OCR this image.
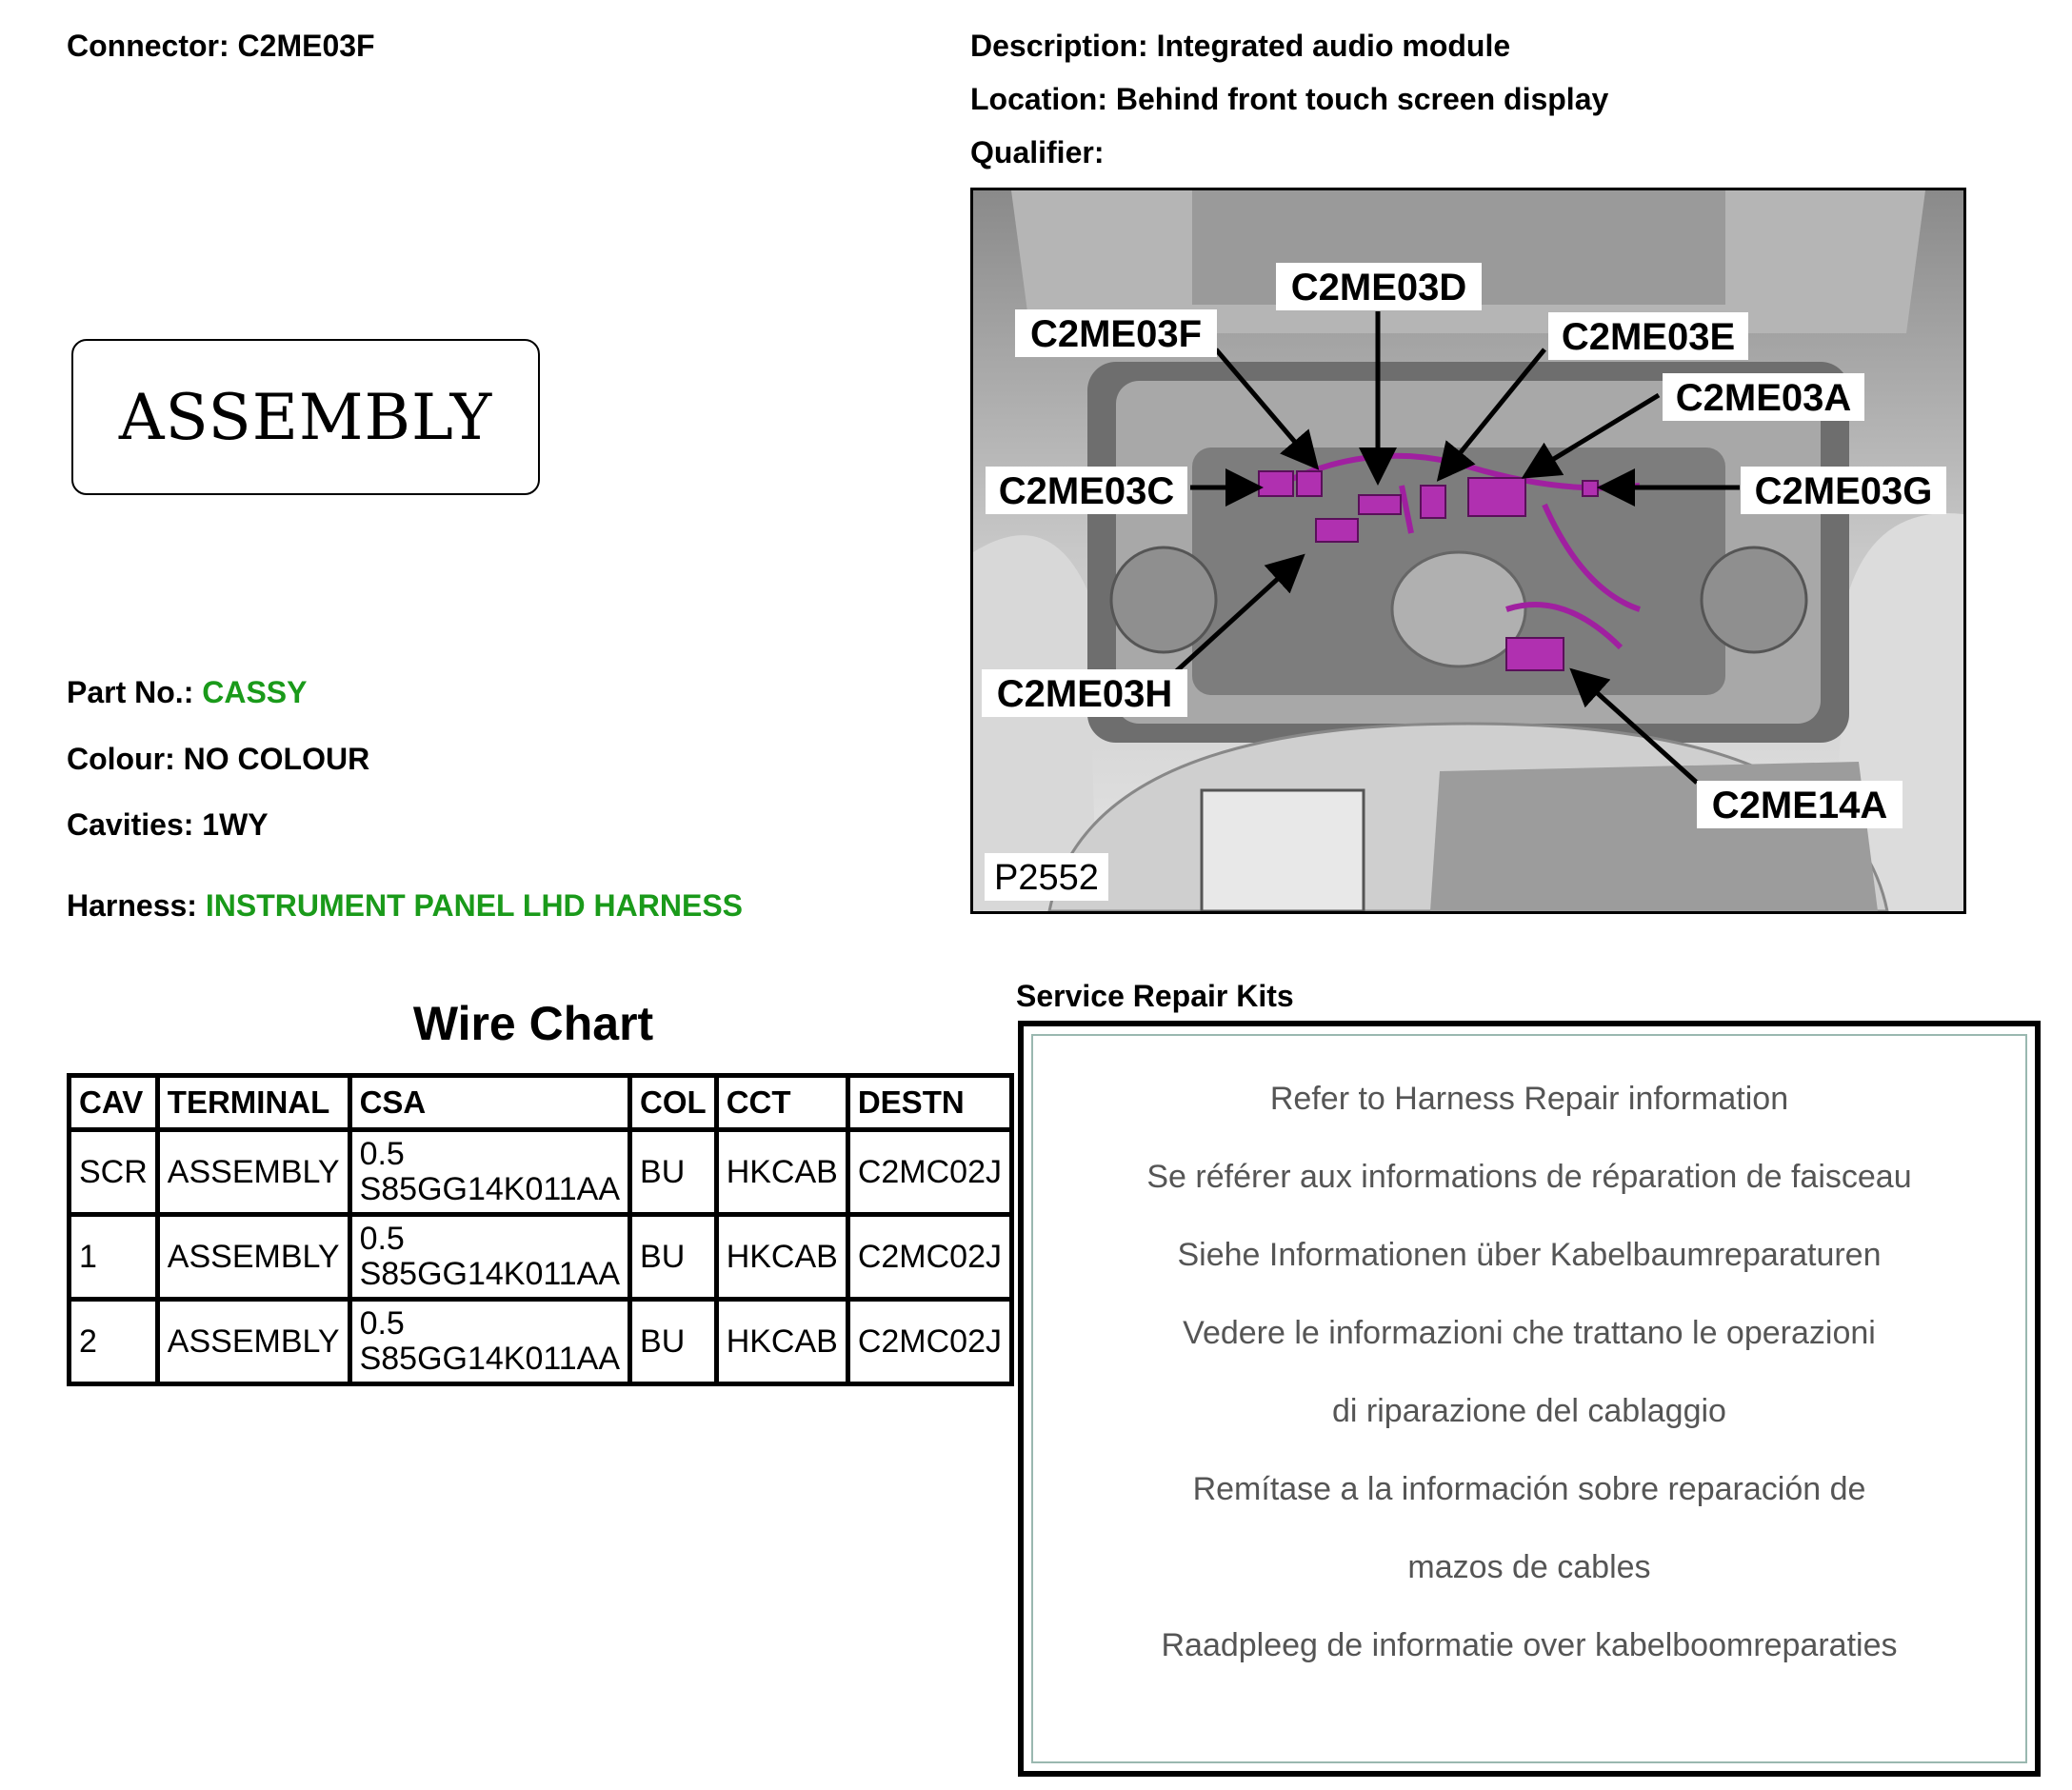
Connector: C2ME03F	Description: Integrated audio module
Location: Behind front touch screen display
Qualifier:
ASSEMBLY
Part No.: CASSY
Colour: NO COLOUR
Cavities: 1WY
Harness: INSTRUMENT PANEL LHD HARNESS
C2ME03D
C2ME03F	C2ME03E
C2ME03A
C2ME03C	C2ME03G
C2ME03H
C2ME14A
P2552
Wire Chart
CAV	TERMINAL	CSA	COL	CCT	DESTN
SCR	ASSEMBLY	0.5
S85GG14K011AA	BU	HKCAB	C2MC02J
1	ASSEMBLY	0.5
S85GG14K011AA	BU	HKCAB	C2MC02J
2	ASSEMBLY	0.5
S85GG14K011AA	BU	HKCAB	C2MC02J
Service Repair Kits
Refer to Harness Repair information
Se référer aux informations de réparation de faisceau
Siehe Informationen über Kabelbaumreparaturen
Vedere le informazioni che trattano le operazioni
di riparazione del cablaggio
Remítase a la información sobre reparación de
mazos de cables
Raadpleeg de informatie over kabelboomreparaties
